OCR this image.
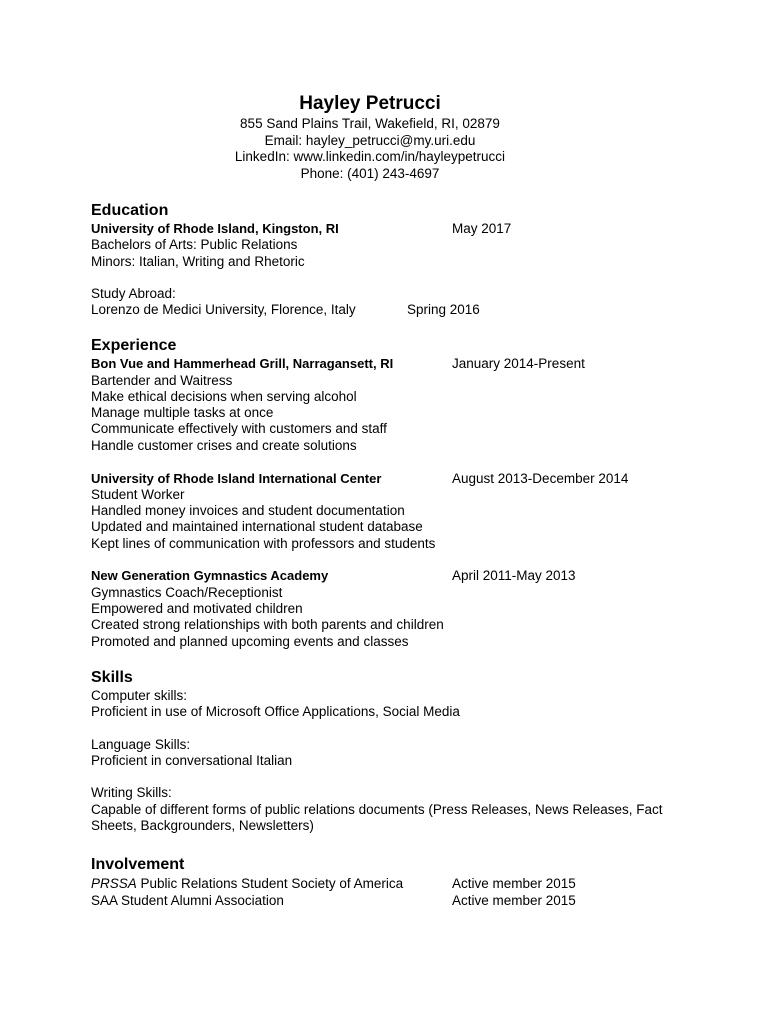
Hayley Petrucci
855 Sand Plains Trail, Wakefield, RI, 02879
Email: hayley_petrucci@my.uri.edu
LinkedIn: www.linkedin.com/in/hayleypetrucci
Phone: (401) 243-4697
Education
University of Rhode Island, Kingston, RI	May 2017
Bachelors of Arts: Public Relations
Minors: Italian, Writing and Rhetoric
Study Abroad:
Lorenzo de Medici University, Florence, Italy	Spring 2016
Experience
Bon Vue and Hammerhead Grill, Narragansett, RI	January 2014-Present
Bartender and Waitress
Make ethical decisions when serving alcohol
Manage multiple tasks at once
Communicate effectively with customers and staff
Handle customer crises and create solutions
University of Rhode Island International Center	August 2013-December 2014
Student Worker
Handled money invoices and student documentation
Updated and maintained international student database
Kept lines of communication with professors and students
New Generation Gymnastics Academy	April 2011-May 2013
Gymnastics Coach/Receptionist
Empowered and motivated children
Created strong relationships with both parents and children
Promoted and planned upcoming events and classes
Skills
Computer skills:
Proficient in use of Microsoft Office Applications, Social Media
Language Skills:
Proficient in conversational Italian
Writing Skills:
Capable of different forms of public relations documents (Press Releases, News Releases, Fact
Sheets, Backgrounders, Newsletters)
Involvement
PRSSA Public Relations Student Society of America	Active member 2015
SAA Student Alumni Association	Active member 2015
